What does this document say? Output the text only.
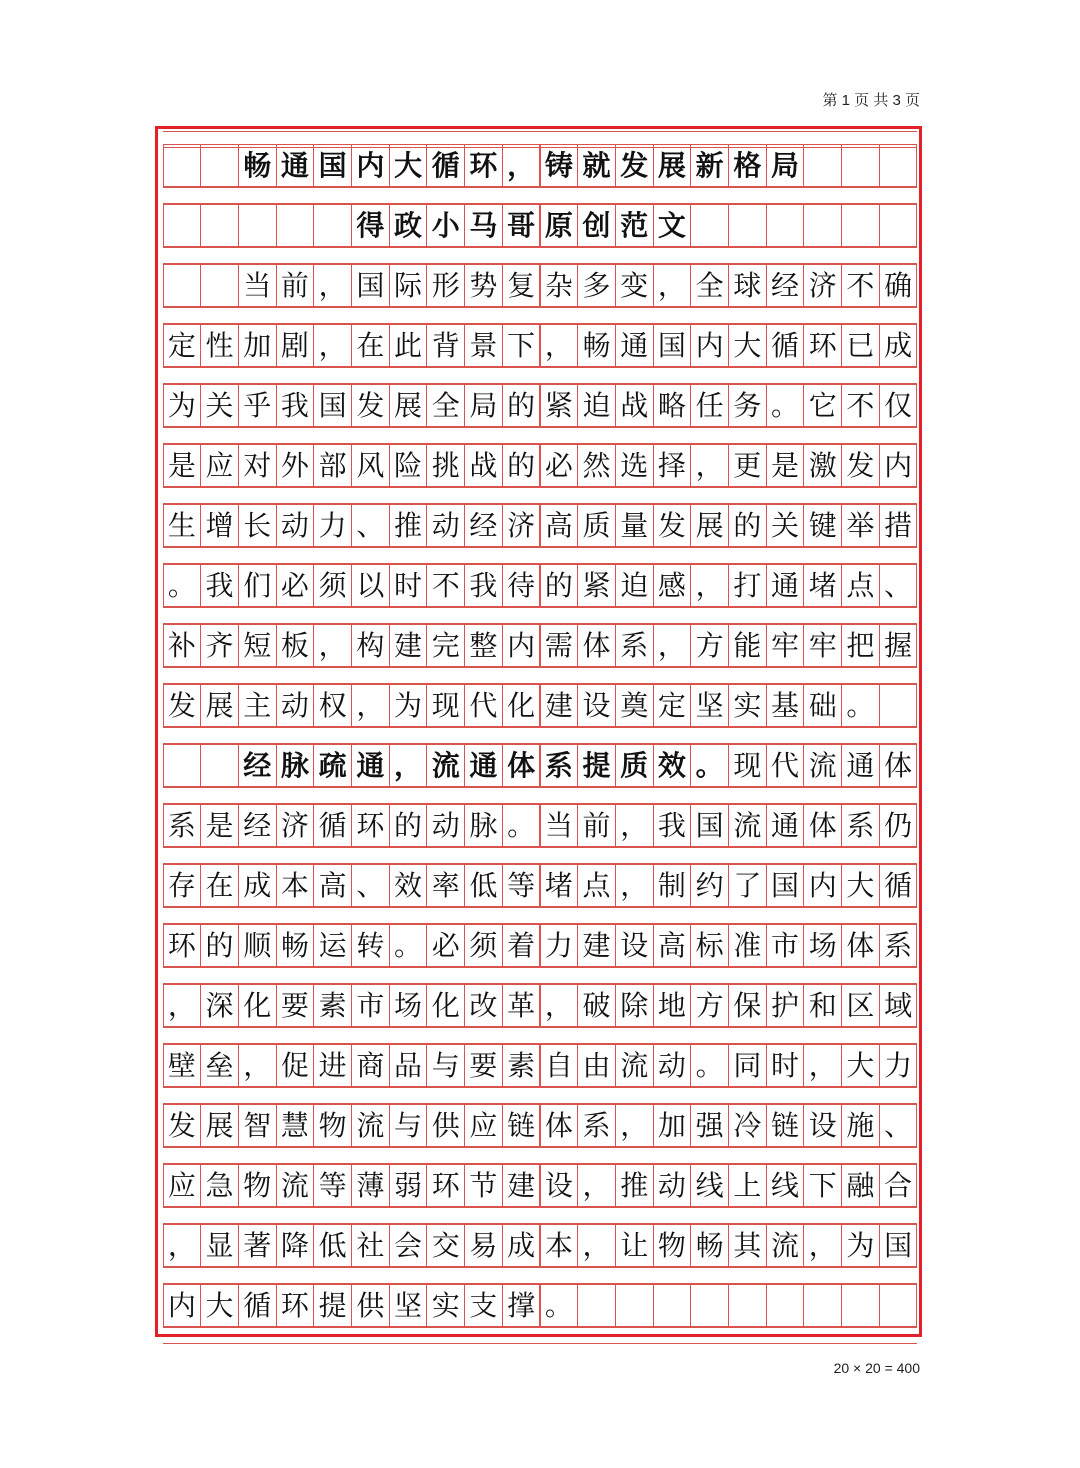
第 1 页 共 3 页
畅 通 国 内 大 循 环 ， 铸 就 发 展 新 格 局
得 政 小 马 哥 原 创 范 文
当 前 ， 国 际 形 势 复 杂 多 变 ， 全 球 经 济 不 确
定 性 加 剧 ， 在 此 背 景 下 ， 畅 通 国 内 大 循 环 已 成
为 关 乎 我 国 发 展 全 局 的 紧 迫 战 略 任 务 。 它 不 仅
是 应 对 外 部 风 险 挑 战 的 必 然 选 择 ， 更 是 激 发 内
生 增 长 动 力 、 推 动 经 济 高 质 量 发 展 的 关 键 举 措
。 我 们 必 须 以 时 不 我 待 的 紧 迫 感 ， 打 通 堵 点 、
补 齐 短 板 ， 构 建 完 整 内 需 体 系 ， 方 能 牢 牢 把 握
发 展 主 动 权 ， 为 现 代 化 建 设 奠 定 坚 实 基 础 。
经 脉 疏 通 ， 流 通 体 系 提 质 效 。 现 代 流 通 体
系 是 经 济 循 环 的 动 脉 。 当 前 ， 我 国 流 通 体 系 仍
存 在 成 本 高 、 效 率 低 等 堵 点 ， 制 约 了 国 内 大 循
环 的 顺 畅 运 转 。 必 须 着 力 建 设 高 标 准 市 场 体 系
， 深 化 要 素 市 场 化 改 革 ， 破 除 地 方 保 护 和 区 域
壁 垒 ， 促 进 商 品 与 要 素 自 由 流 动 。 同 时 ， 大 力
发 展 智 慧 物 流 与 供 应 链 体 系 ， 加 强 冷 链 设 施 、
应 急 物 流 等 薄 弱 环 节 建 设 ， 推 动 线 上 线 下 融 合
， 显 著 降 低 社 会 交 易 成 本 ， 让 物 畅 其 流 ， 为 国
内 大 循 环 提 供 坚 实 支 撑 。
20 × 20 = 400
